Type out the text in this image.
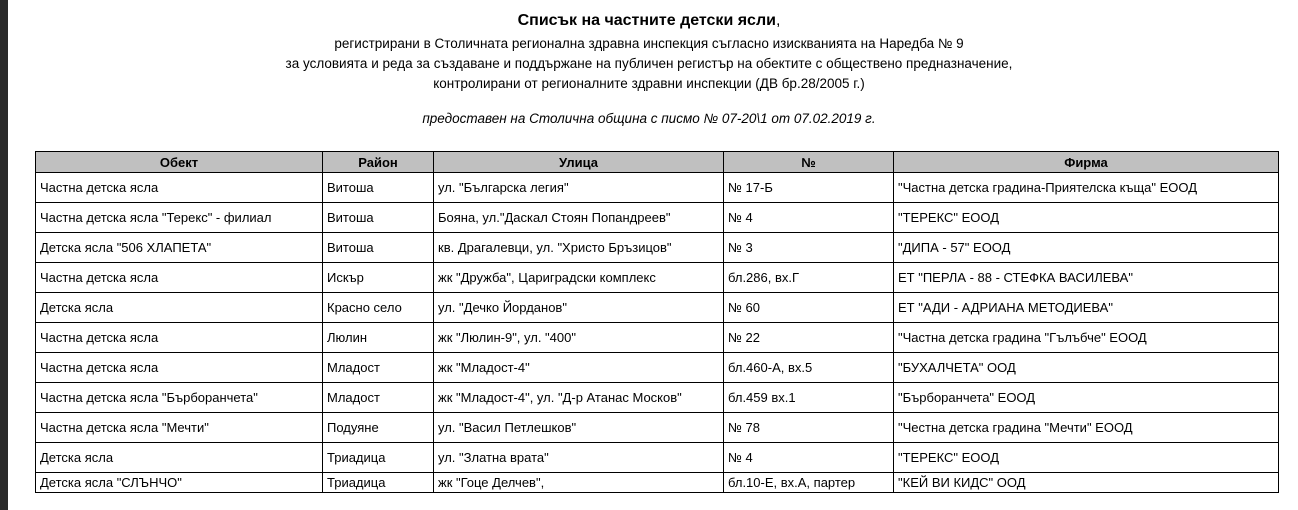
Списък на частните детски ясли,
регистрирани в Столичната регионална здравна инспекция съгласно изискванията на Наредба № 9
за условията и реда за създаване и поддържане на публичен регистър на обектите с обществено предназначение,
контролирани от регионалните здравни инспекции (ДВ бр.28/2005 г.)
предоставен на Столична община с писмо № 07-20\1 от 07.02.2019 г.
Обект	Район	Улица	№	Фирма
Частна детска ясла	Витоша	ул. "Българска легия"	№ 17-Б	"Частна детска градина-Приятелска къща" ЕООД
Частна детска ясла "Терекс" - филиал	Витоша	Бояна, ул."Даскал Стоян Попандреев"	№ 4	"ТЕРЕКС" ЕООД
Детска ясла "506 ХЛАПЕТА"	Витоша	кв. Драгалевци, ул. "Христо Бръзицов"	№ 3	"ДИПА - 57" ЕООД
Частна детска ясла	Искър	жк "Дружба", Цариградски комплекс	бл.286, вх.Г	ЕТ "ПЕРЛА - 88 - СТЕФКА ВАСИЛЕВА"
Детска ясла	Красно село	ул. "Дечко Йорданов"	№ 60	ЕТ "АДИ - АДРИАНА МЕТОДИЕВА"
Частна детска ясла	Люлин	жк "Люлин-9", ул. "400"	№ 22	"Частна детска градина "Гълъбче" ЕООД
Частна детска ясла	Младост	жк "Младост-4"	бл.460-А, вх.5	"БУХАЛЧЕТА" ООД
Частна детска ясла "Бърборанчета"	Младост	жк "Младост-4", ул. "Д-р Атанас Москов"	бл.459 вх.1	"Бърборанчета" ЕООД
Частна детска ясла "Мечти"	Подуяне	ул. "Васил Петлешков"	№ 78	"Честна детска градина "Мечти" ЕООД
Детска ясла	Триадица	ул. "Златна врата"	№ 4	"ТЕРЕКС" ЕООД
Детска ясла "СЛЪНЧО"	Триадица	жк "Гоце Делчев",	бл.10-Е, вх.А, партер	"КЕЙ ВИ КИДС" ООД
